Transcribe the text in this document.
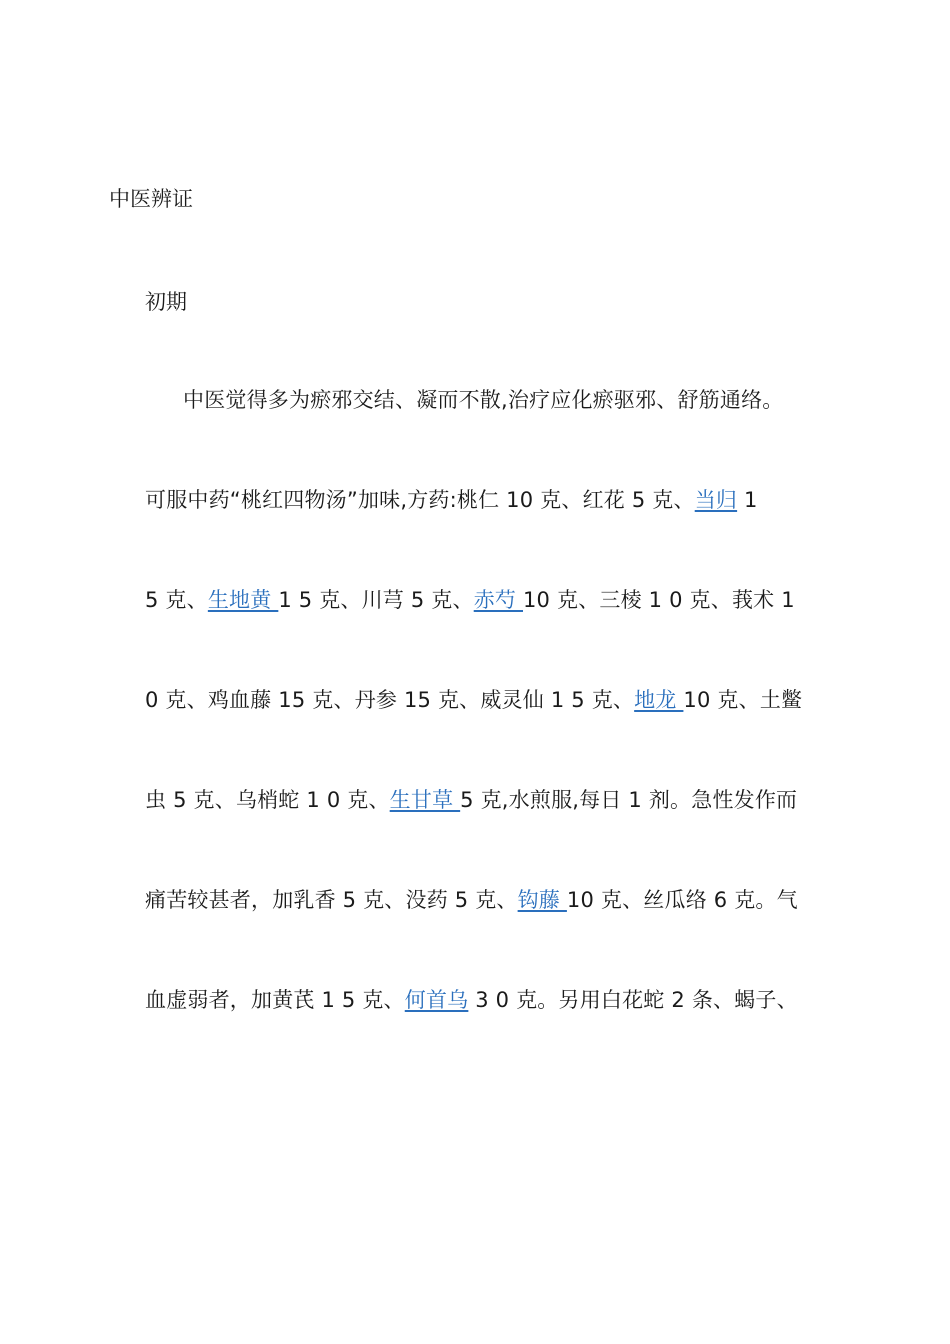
中医辨证
初期
中医觉得多为瘀邪交结、凝而不散,治疗应化瘀驱邪、舒筋通络。
可服中药“桃红四物汤”加味,方药:桃仁 10 克、红花 5 克、当归 1
5 克、生地黄 1 5 克、川芎 5 克、赤芍 10 克、三棱 1 0 克、莪术 1
0 克、鸡血藤 15 克、丹参 15 克、威灵仙 1 5 克、地龙 10 克、土鳖
虫 5 克、乌梢蛇 1 0 克、生甘草 5 克,水煎服,每日 1 剂。急性发作而
痛苦较甚者，加乳香 5 克、没药 5 克、钩藤 10 克、丝瓜络 6 克。气
血虚弱者，加黄芪 1 5 克、何首乌 3 0 克。另用白花蛇 2 条、蝎子、
